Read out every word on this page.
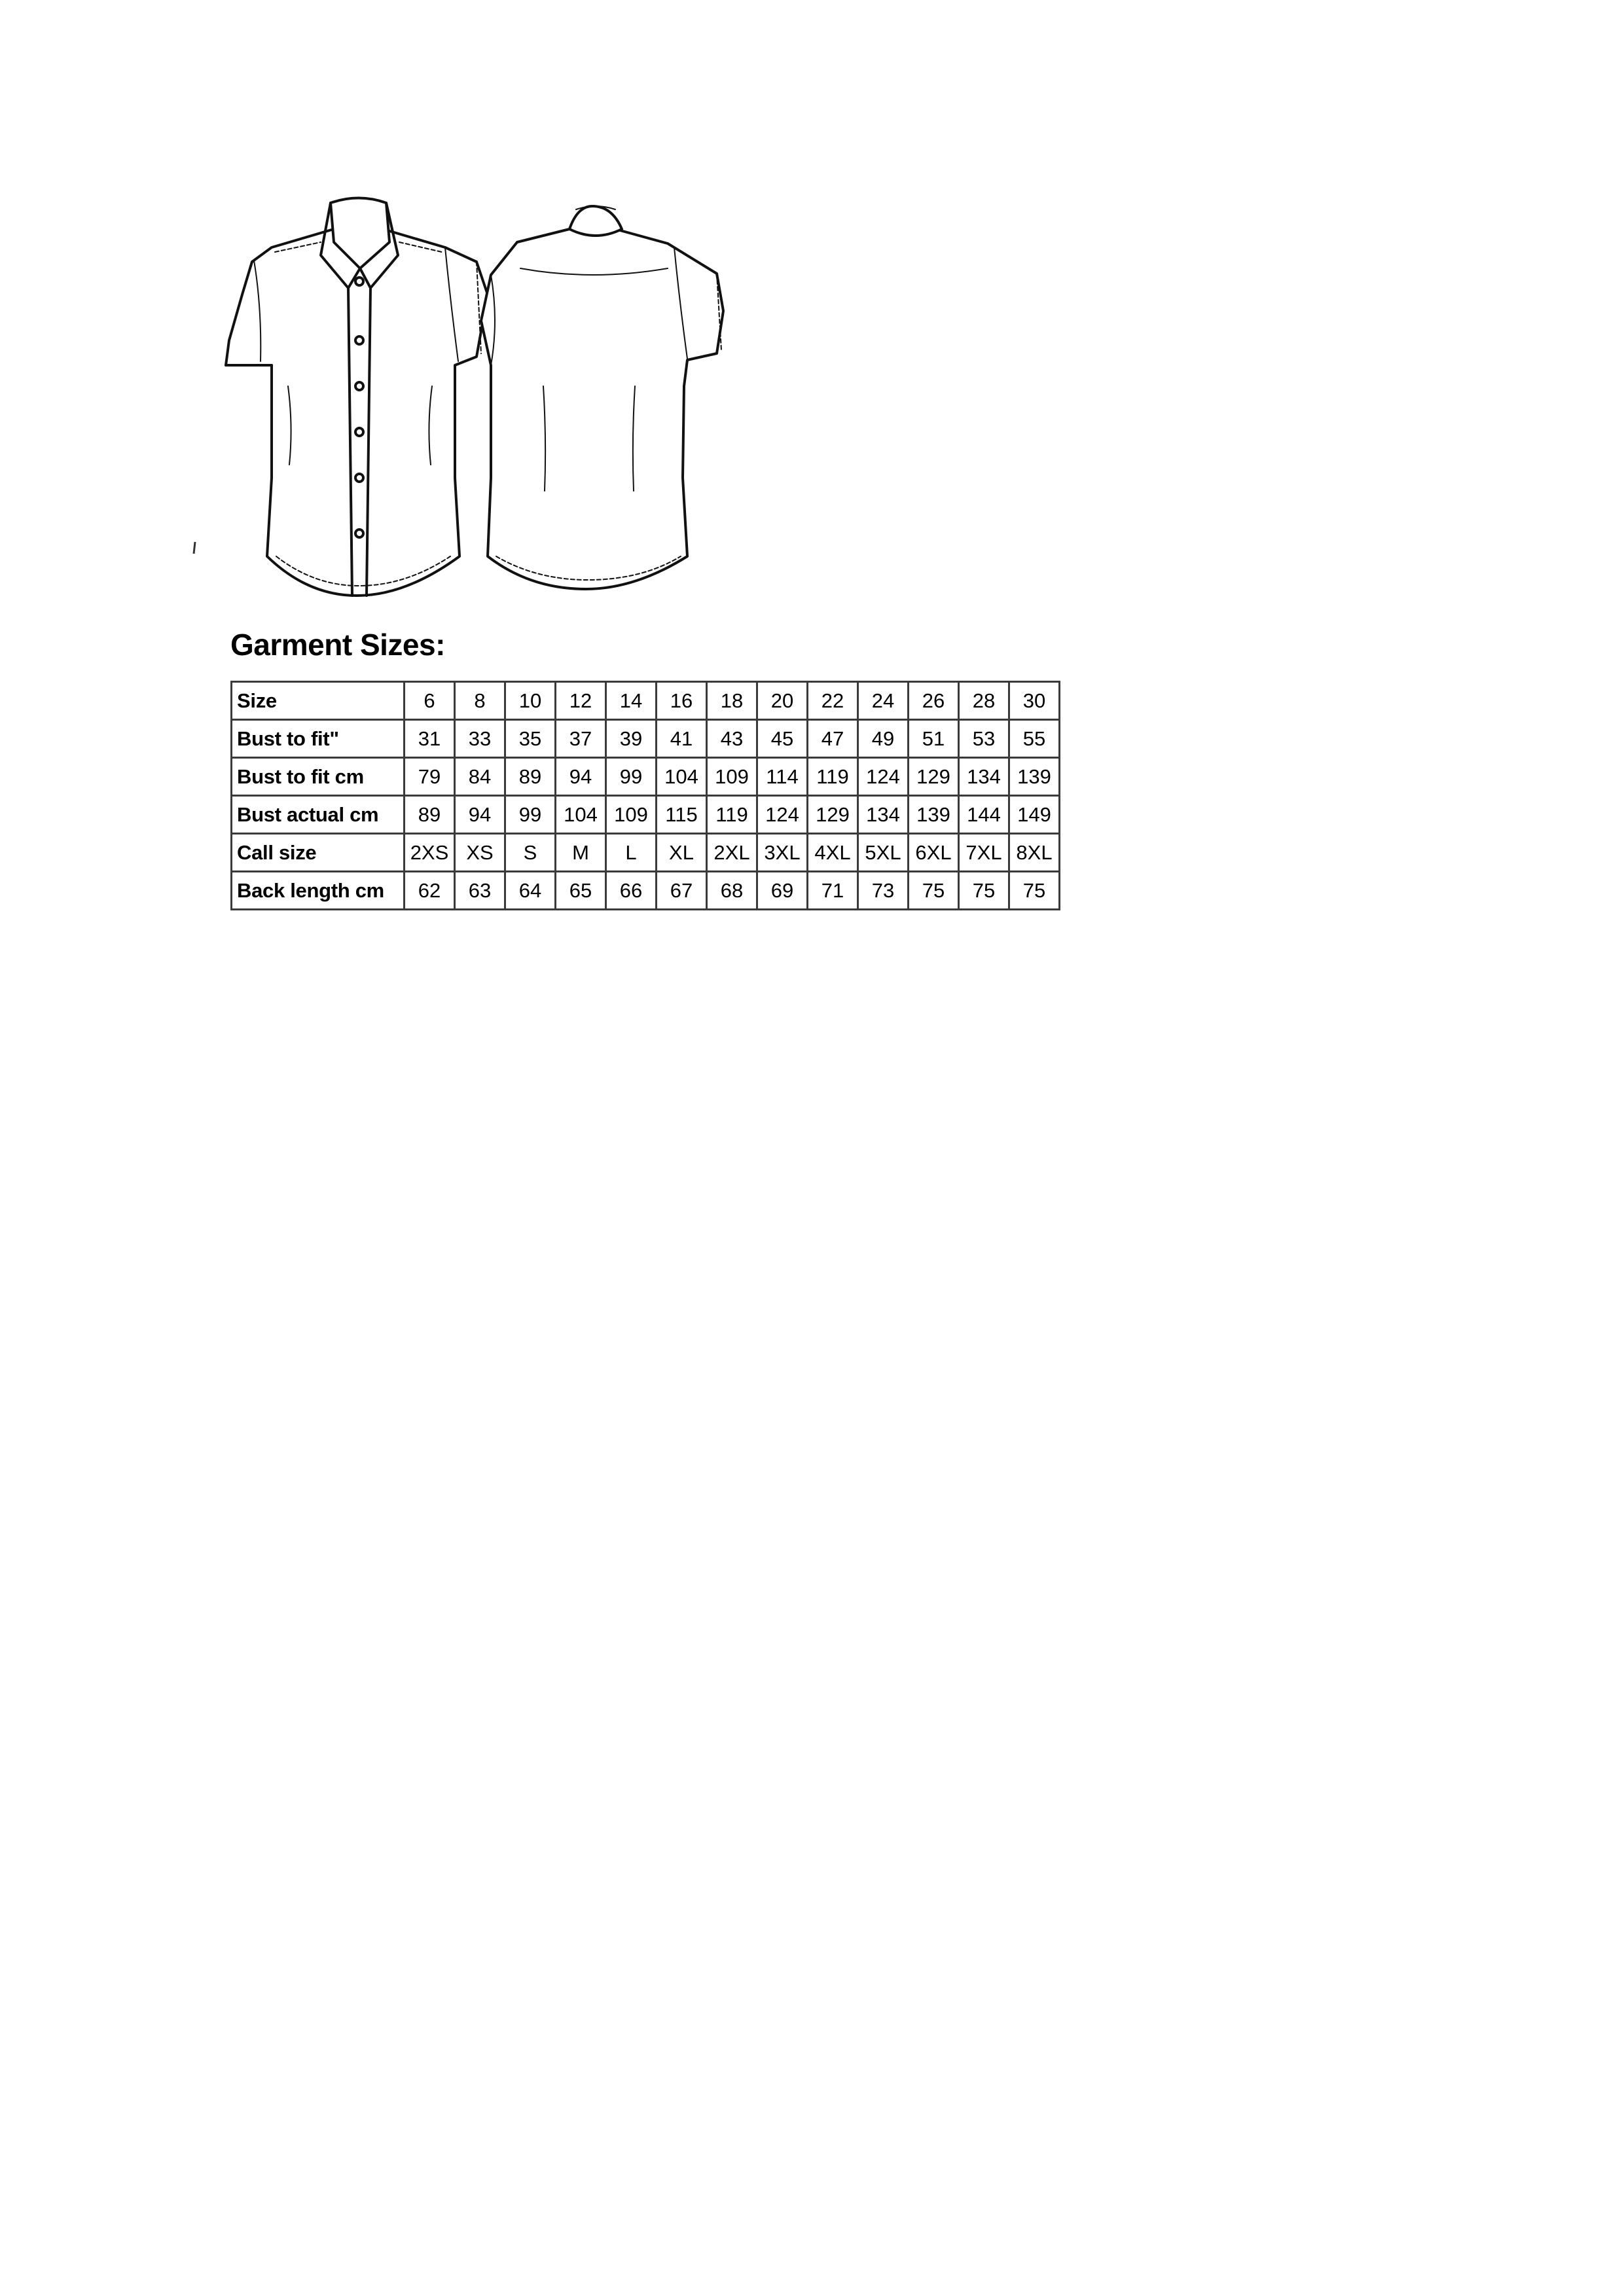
Garment Sizes:
Size	6	8	10	12	14	16	18	20	22	24	26	28	30
Bust to fit"	31	33	35	37	39	41	43	45	47	49	51	53	55
Bust to fit cm	79	84	89	94	99	104	109	114	119	124	129	134	139
Bust actual cm	89	94	99	104	109	115	119	124	129	134	139	144	149
Call size	2XS	XS	S	M	L	XL	2XL	3XL	4XL	5XL	6XL	7XL	8XL
Back length cm	62	63	64	65	66	67	68	69	71	73	75	75	75
